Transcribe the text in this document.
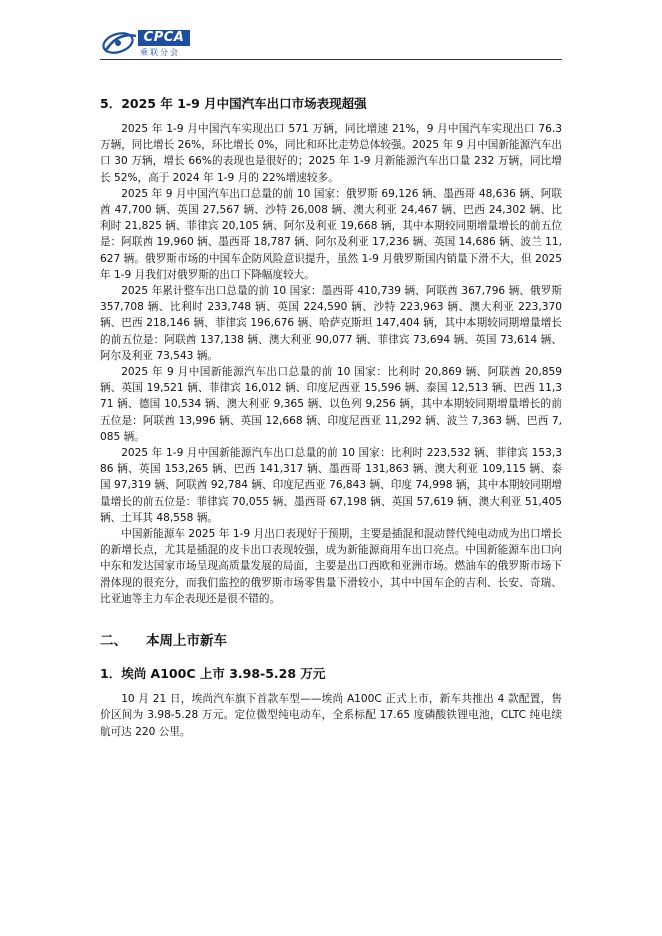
CPCA
乘联分会
5．2025 年 1-9 月中国汽车出口市场表现超强

2025 年 1-9 月中国汽车实现出口 571 万辆，同比增速 21%，9 月中国汽车实现出口 76.3 万辆，同比增长 26%，环比增长 0%，同比和环比走势总体较强。2025 年 9 月中国新能源汽车出口 30 万辆，增长 66%的表现也是很好的；2025 年 1-9 月新能源汽车出口量 232 万辆，同比增长 52%，高于 2024 年 1-9 月的 22%增速较多。

2025 年 9 月中国汽车出口总量的前 10 国家：俄罗斯 69,126 辆、墨西哥 48,636 辆、阿联酋 47,700 辆、英国 27,567 辆、沙特 26,008 辆、澳大利亚 24,467 辆、巴西 24,302 辆、比利时 21,825 辆、菲律宾 20,105 辆、阿尔及利亚 19,668 辆，其中本期较同期增量增长的前五位是：阿联酋 19,960 辆、墨西哥 18,787 辆、阿尔及利亚 17,236 辆、英国 14,686 辆、波兰 11,627 辆。俄罗斯市场的中国车企防风险意识提升，虽然 1-9 月俄罗斯国内销量下滑不大，但 2025 年 1-9 月我们对俄罗斯的出口下降幅度较大。

2025 年累计整车出口总量的前 10 国家：墨西哥 410,739 辆、阿联酋 367,796 辆、俄罗斯 357,708 辆、比利时 233,748 辆、英国 224,590 辆、沙特 223,963 辆、澳大利亚 223,370 辆、巴西 218,146 辆、菲律宾 196,676 辆、哈萨克斯坦 147,404 辆，其中本期较同期增量增长的前五位是：阿联酋 137,138 辆、澳大利亚 90,077 辆、菲律宾 73,694 辆、英国 73,614 辆、阿尔及利亚 73,543 辆。

2025 年 9 月中国新能源汽车出口总量的前 10 国家：比利时 20,869 辆、阿联酋 20,859 辆、英国 19,521 辆、菲律宾 16,012 辆、印度尼西亚 15,596 辆、泰国 12,513 辆、巴西 11,371 辆、德国 10,534 辆、澳大利亚 9,365 辆、以色列 9,256 辆，其中本期较同期增量增长的前五位是：阿联酋 13,996 辆、英国 12,668 辆、印度尼西亚 11,292 辆、波兰 7,363 辆、巴西 7,085 辆。

2025 年 1-9 月中国新能源汽车出口总量的前 10 国家：比利时 223,532 辆、菲律宾 153,386 辆、英国 153,265 辆、巴西 141,317 辆、墨西哥 131,863 辆、澳大利亚 109,115 辆、泰国 97,319 辆、阿联酋 92,784 辆、印度尼西亚 76,843 辆、印度 74,998 辆，其中本期较同期增量增长的前五位是：菲律宾 70,055 辆、墨西哥 67,198 辆、英国 57,619 辆、澳大利亚 51,405 辆、土耳其 48,558 辆。

中国新能源车 2025 年 1-9 月出口表现好于预期，主要是插混和混动替代纯电动成为出口增长的新增长点，尤其是插混的皮卡出口表现较强，成为新能源商用车出口亮点。中国新能源车出口向中东和发达国家市场呈现高质量发展的局面，主要是出口西欧和亚洲市场。燃油车的俄罗斯市场下滑体现的很充分，而我们监控的俄罗斯市场零售量下滑较小，其中中国车企的吉利、长安、奇瑞、比亚迪等主力车企表现还是很不错的。

二、 本周上市新车
1．埃尚 A100C 上市 3.98-5.28 万元

10 月 21 日，埃尚汽车旗下首款车型——埃尚 A100C 正式上市，新车共推出 4 款配置，售价区间为 3.98-5.28 万元。定位微型纯电动车，全系标配 17.65 度磷酸铁锂电池，CLTC 纯电续航可达 220 公里。
